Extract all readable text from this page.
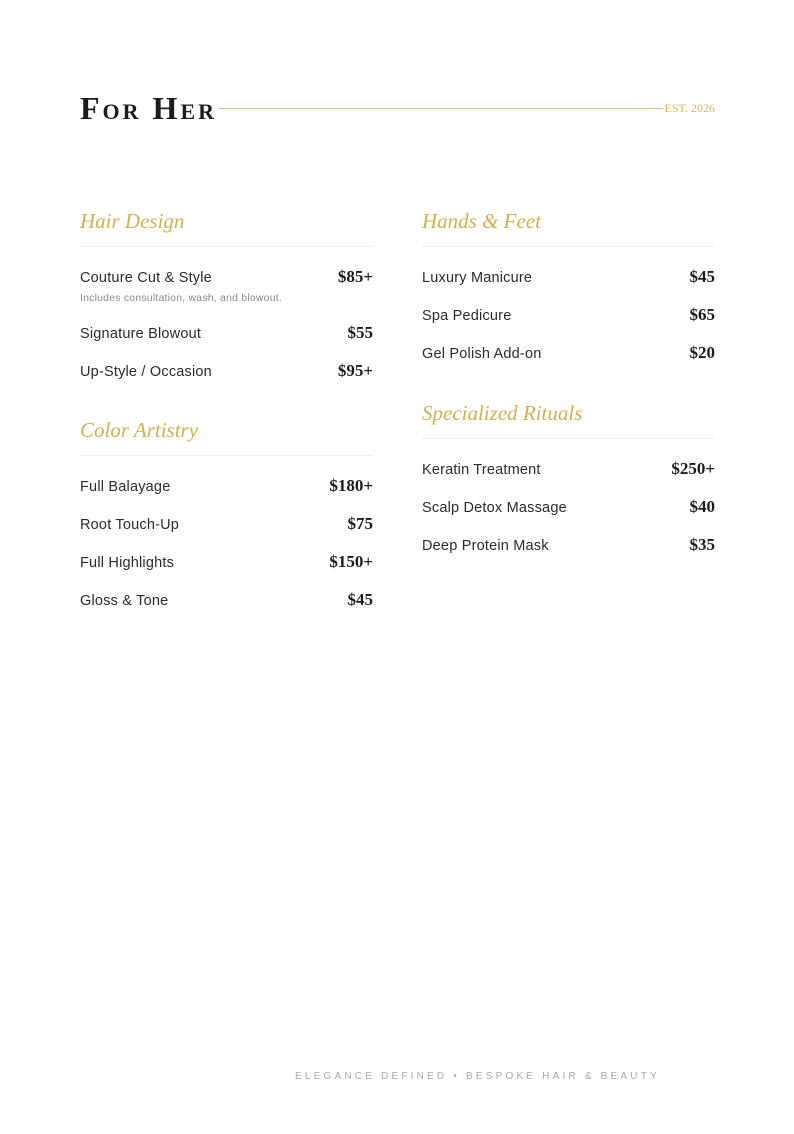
For Her	EST. 2026
Hair Design
Couture Cut & Style	$85+
Includes consultation, wash, and blowout.
Signature Blowout	$55
Up-Style / Occasion	$95+
Color Artistry
Full Balayage	$180+
Root Touch-Up	$75
Full Highlights	$150+
Gloss & Tone	$45
Hands & Feet
Luxury Manicure	$45
Spa Pedicure	$65
Gel Polish Add-on	$20
Specialized Rituals
Keratin Treatment	$250+
Scalp Detox Massage	$40
Deep Protein Mask	$35
ELEGANCE DEFINED • BESPOKE HAIR & BEAUTY
